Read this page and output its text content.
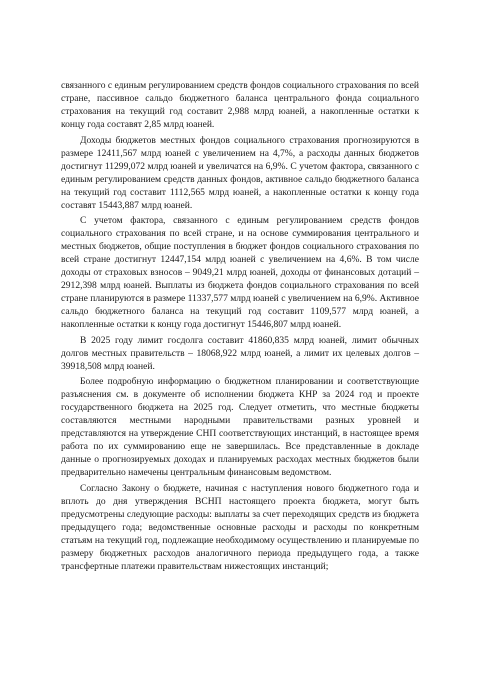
связанного с единым регулированием средств фондов социального страхования по всей стране, пассивное сальдо бюджетного баланса центрального фонда социального страхования на текущий год составит 2,988 млрд юаней, а накопленные остатки к концу года составят 2,85 млрд юаней.

Доходы бюджетов местных фондов социального страхования прогнозируются в размере 12411,567 млрд юаней с увеличением на 4,7%, а расходы данных бюджетов достигнут 11299,072 млрд юаней и увеличатся на 6,9%. С учетом фактора, связанного с единым регулированием средств данных фондов, активное сальдо бюджетного баланса на текущий год составит 1112,565 млрд юаней, а накопленные остатки к концу года составят 15443,887 млрд юаней.

С учетом фактора, связанного с единым регулированием средств фондов социального страхования по всей стране, и на основе суммирования центрального и местных бюджетов, общие поступления в бюджет фондов социального страхования по всей стране достигнут 12447,154 млрд юаней с увеличением на 4,6%. В том числе доходы от страховых взносов – 9049,21 млрд юаней, доходы от финансовых дотаций – 2912,398 млрд юаней. Выплаты из бюджета фондов социального страхования по всей стране планируются в размере 11337,577 млрд юаней с увеличением на 6,9%. Активное сальдо бюджетного баланса на текущий год составит 1109,577 млрд юаней, а накопленные остатки к концу года достигнут 15446,807 млрд юаней.

В 2025 году лимит госдолга составит 41860,835 млрд юаней, лимит обычных долгов местных правительств – 18068,922 млрд юаней, а лимит их целевых долгов – 39918,508 млрд юаней.

Более подробную информацию о бюджетном планировании и соответствующие разъяснения см. в документе об исполнении бюджета КНР за 2024 год и проекте государственного бюджета на 2025 год. Следует отметить, что местные бюджеты составляются местными народными правительствами разных уровней и представляются на утверждение СНП соответствующих инстанций, в настоящее время работа по их суммированию еще не завершилась. Все представленные в докладе данные о прогнозируемых доходах и планируемых расходах местных бюджетов были предварительно намечены центральным финансовым ведомством.

Согласно Закону о бюджете, начиная с наступления нового бюджетного года и вплоть до дня утверждения ВСНП настоящего проекта бюджета, могут быть предусмотрены следующие расходы: выплаты за счет переходящих средств из бюджета предыдущего года; ведомственные основные расходы и расходы по конкретным статьям на текущий год, подлежащие необходимому осуществлению и планируемые по размеру бюджетных расходов аналогичного периода предыдущего года, а также трансфертные платежи правительствам нижестоящих инстанций;
